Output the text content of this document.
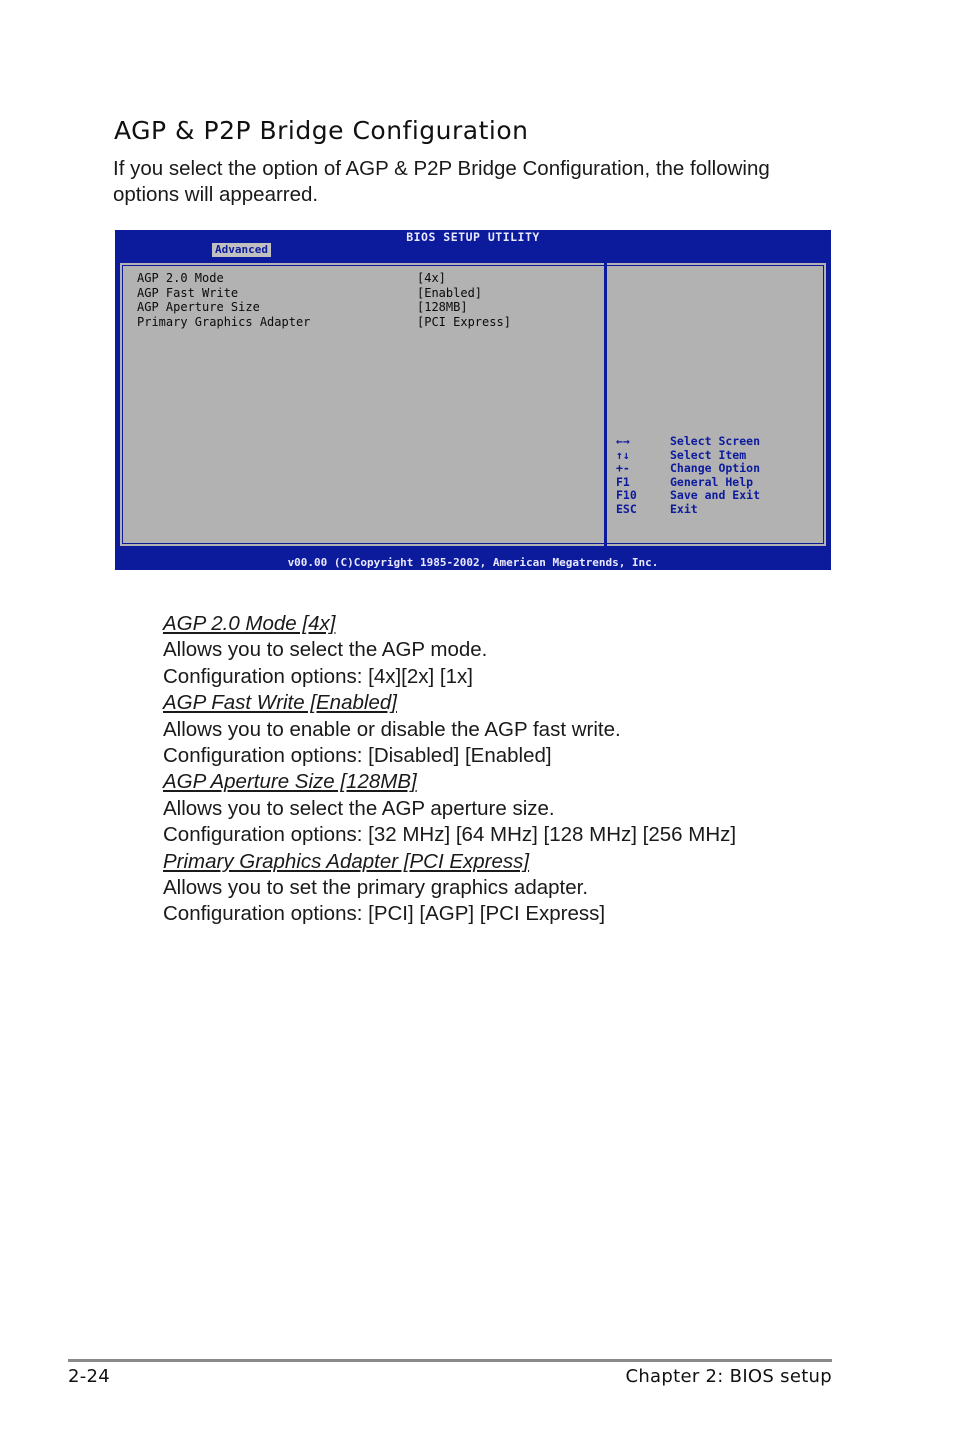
AGP & P2P Bridge Configuration

If you select the option of AGP & P2P Bridge Configuration, the following options will appearred.

BIOS SETUP UTILITY
Advanced
AGP 2.0 Mode	[4x]
AGP Fast Write	[Enabled]
AGP Aperture Size	[128MB]
Primary Graphics Adapter	[PCI Express]
←→	Select Screen
↑↓	Select Item
+-	Change Option
F1	General Help
F10	Save and Exit
ESC	Exit
v00.00 (C)Copyright 1985-2002, American Megatrends, Inc.
AGP 2.0 Mode [4x]
Allows you to select the AGP mode.
Configuration options: [4x][2x] [1x]
AGP Fast Write [Enabled]
Allows you to enable or disable the AGP fast write.
Configuration options: [Disabled] [Enabled]
AGP Aperture Size [128MB]
Allows you to select the AGP aperture size.
Configuration options: [32 MHz] [64 MHz] [128 MHz] [256 MHz]
Primary Graphics Adapter [PCI Express]
Allows you to set the primary graphics adapter.
Configuration options: [PCI] [AGP] [PCI Express]
2-24	Chapter 2: BIOS setup
